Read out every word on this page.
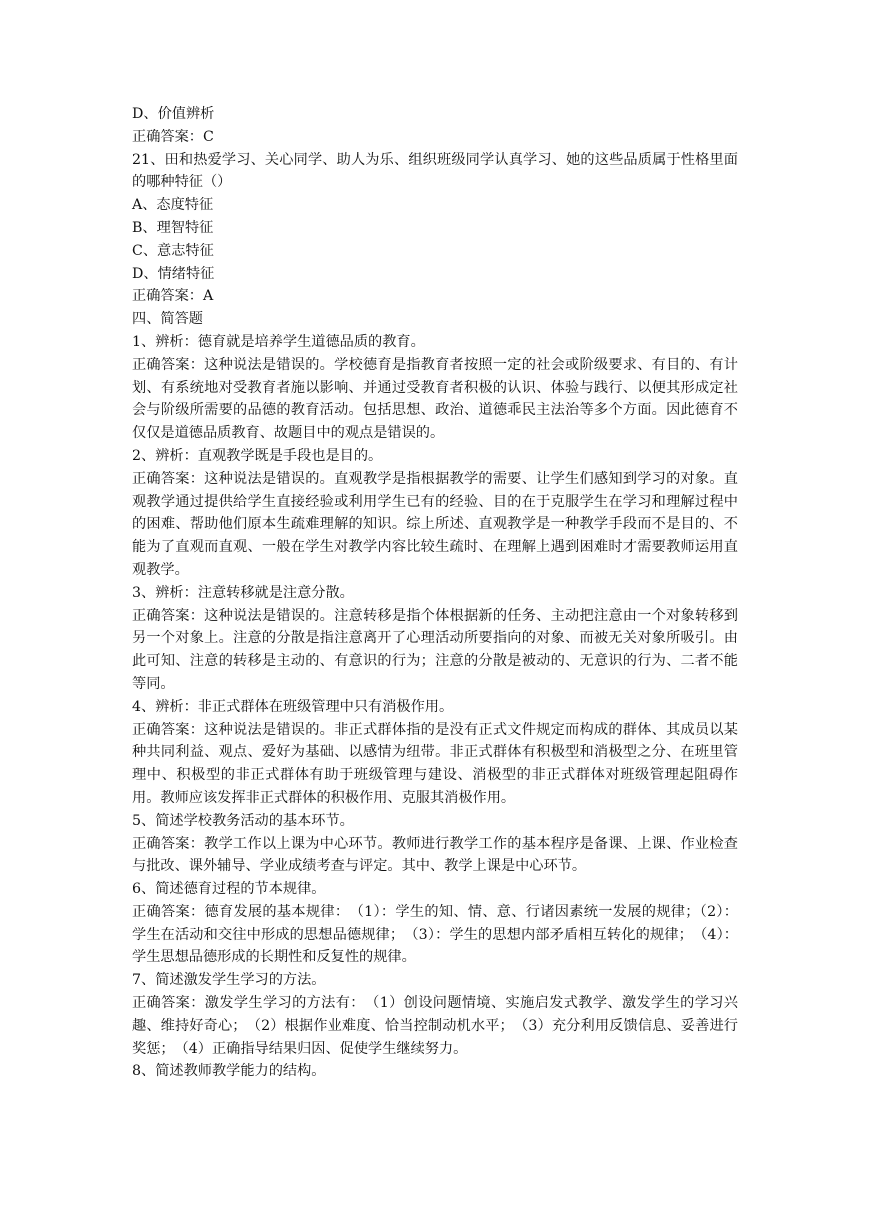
D、价值辨析
正确答案：C
21、田和热爱学习、关心同学、助人为乐、组织班级同学认真学习、她的这些品质属于性格里面的哪种特征（）
A、态度特征
B、理智特征
C、意志特征
D、情绪特征
正确答案：A
四、简答题
1、辨析：德育就是培养学生道德品质的教育。
正确答案：这种说法是错误的。学校德育是指教育者按照一定的社会或阶级要求、有目的、有计划、有系统地对受教育者施以影响、并通过受教育者积极的认识、体验与践行、以便其形成定社会与阶级所需要的品德的教育活动。包括思想、政治、道德乖民主法治等多个方面。因此德育不仅仅是道德品质教育、故题目中的观点是错误的。
2、辨析：直观教学既是手段也是目的。
正确答案：这种说法是错误的。直观教学是指根据教学的需要、让学生们感知到学习的对象。直观教学通过提供给学生直接经验或利用学生已有的经验、目的在于克服学生在学习和理解过程中的困难、帮助他们原本生疏难理解的知识。综上所述、直观教学是一种教学手段而不是目的、不能为了直观而直观、一般在学生对教学内容比较生疏时、在理解上遇到困难时才需要教师运用直观教学。
3、辨析：注意转移就是注意分散。
正确答案：这种说法是错误的。注意转移是指个体根据新的任务、主动把注意由一个对象转移到另一个对象上。注意的分散是指注意离开了心理活动所要指向的对象、而被无关对象所吸引。由此可知、注意的转移是主动的、有意识的行为；注意的分散是被动的、无意识的行为、二者不能等同。
4、辨析：非正式群体在班级管理中只有消极作用。
正确答案：这种说法是错误的。非正式群体指的是没有正式文件规定而构成的群体、其成员以某种共同利益、观点、爱好为基础、以感情为纽带。非正式群体有积极型和消极型之分、在班里管理中、积极型的非正式群体有助于班级管理与建设、消极型的非正式群体对班级管理起阻碍作用。教师应该发挥非正式群体的积极作用、克服其消极作用。
5、简述学校教务活动的基本环节。
正确答案：教学工作以上课为中心环节。教师进行教学工作的基本程序是备课、上课、作业检查与批改、课外辅导、学业成绩考查与评定。其中、教学上课是中心环节。
6、简述德育过程的节本规律。
正确答案：德育发展的基本规律：　（1）：学生的知、情、意、行诸因素统一发展的规律；（2）：学生在活动和交往中形成的思想品德规律；　（3）：学生的思想内部矛盾相互转化的规律；　（4）：学生思想品德形成的长期性和反复性的规律。
7、简述激发学生学习的方法。
正确答案：激发学生学习的方法有：　（1）创设问题情境、实施启发式教学、激发学生的学习兴趣、维持好奇心；　（2）根据作业难度、恰当控制动机水平；　（3）充分利用反馈信息、妥善进行奖惩；　（4）正确指导结果归因、促使学生继续努力。
8、简述教师教学能力的结构。
